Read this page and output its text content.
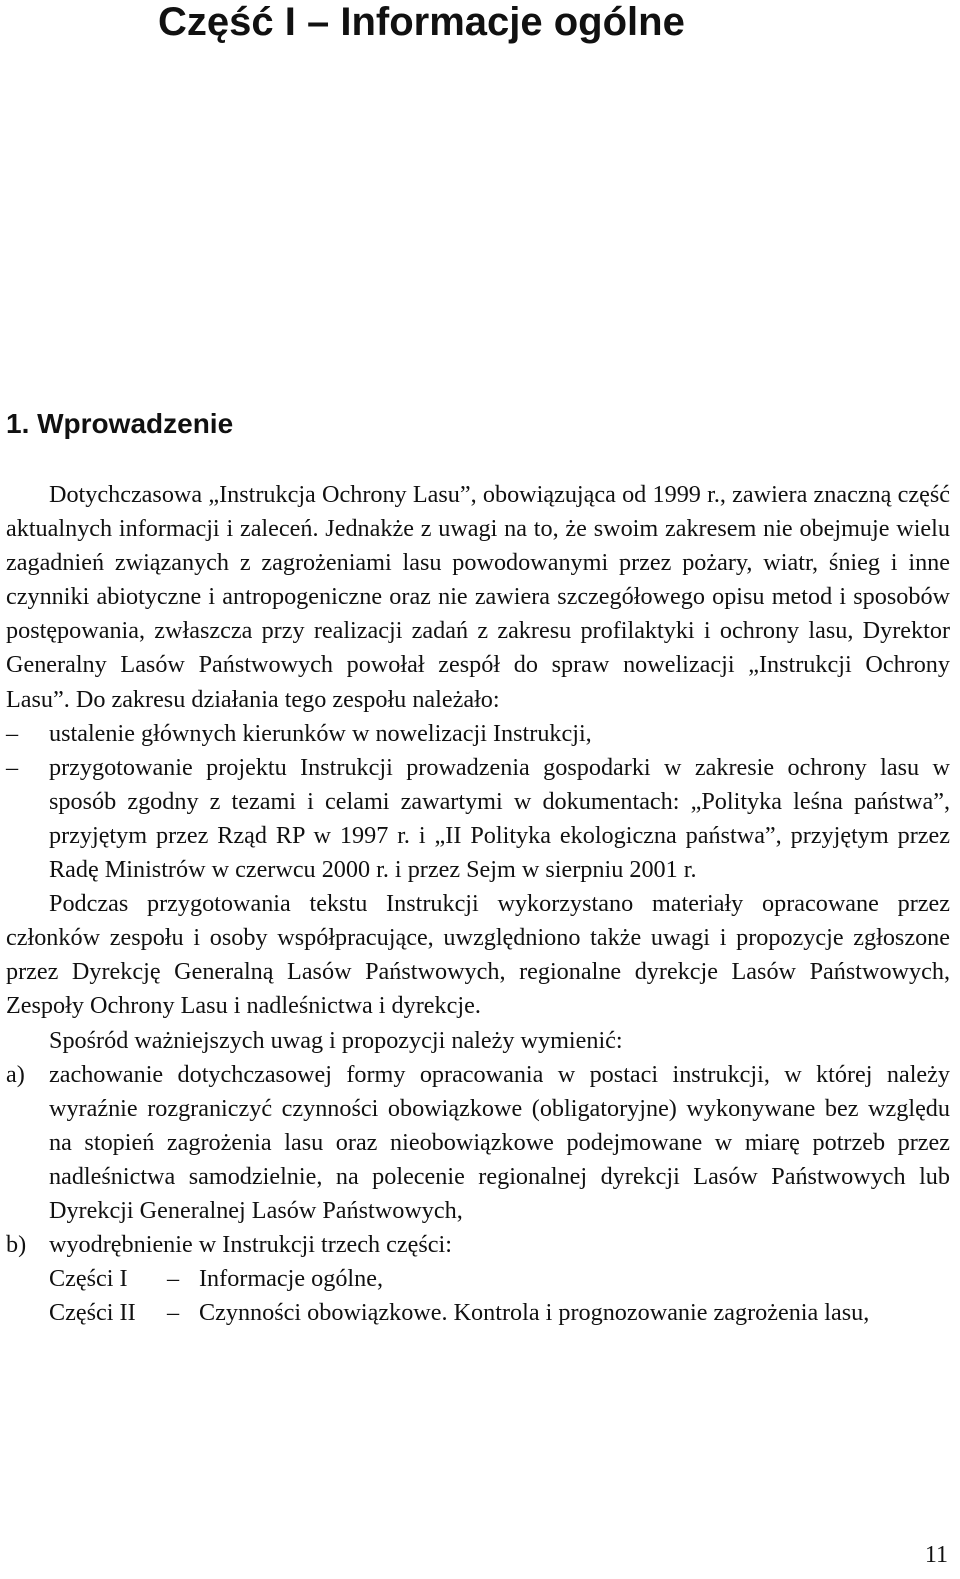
Część I – Informacje ogólne
1. Wprowadzenie

Dotychczasowa „Instrukcja Ochrony Lasu”, obowiązująca od 1999 r., zawiera znaczną część aktualnych informacji i zaleceń. Jednakże z uwagi na to, że swoim zakresem nie obejmuje wielu zagadnień związanych z zagrożeniami lasu powodowanymi przez pożary, wiatr, śnieg i inne czynniki abiotyczne i antropogeniczne oraz nie zawiera szczegółowego opisu metod i sposobów postępowania, zwłaszcza przy realizacji zadań z zakresu profilaktyki i ochrony lasu, Dyrektor Generalny Lasów Państwowych powołał zespół do spraw nowelizacji „Instrukcji Ochrony Lasu”. Do zakresu działania tego zespołu należało:

– ustalenie głównych kierunków w nowelizacji Instrukcji,
– przygotowanie projektu Instrukcji prowadzenia gospodarki w zakresie ochrony lasu w sposób zgodny z tezami i celami zawartymi w dokumentach: „Polityka leśna państwa”, przyjętym przez Rząd RP w 1997 r. i „II Polityka ekologiczna państwa”, przyjętym przez Radę Ministrów w czerwcu 2000 r. i przez Sejm w sierpniu 2001 r.

Podczas przygotowania tekstu Instrukcji wykorzystano materiały opracowane przez członków zespołu i osoby współpracujące, uwzględniono także uwagi i propozycje zgłoszone przez Dyrekcję Generalną Lasów Państwowych, regionalne dyrekcje Lasów Państwowych, Zespoły Ochrony Lasu i nadleśnictwa i dyrekcje.

Spośród ważniejszych uwag i propozycji należy wymienić:

a) zachowanie dotychczasowej formy opracowania w postaci instrukcji, w której należy wyraźnie rozgraniczyć czynności obowiązkowe (obligatoryjne) wykonywane bez względu na stopień zagrożenia lasu oraz nieobowiązkowe podejmowane w miarę potrzeb przez nadleśnictwa samodzielnie, na polecenie regionalnej dyrekcji Lasów Państwowych lub Dyrekcji Generalnej Lasów Państwowych,
b) wyodrębnienie w Instrukcji trzech części:
Części I	– Informacje ogólne,
Części II	– Czynności obowiązkowe. Kontrola i prognozowanie zagrożenia lasu,
11
